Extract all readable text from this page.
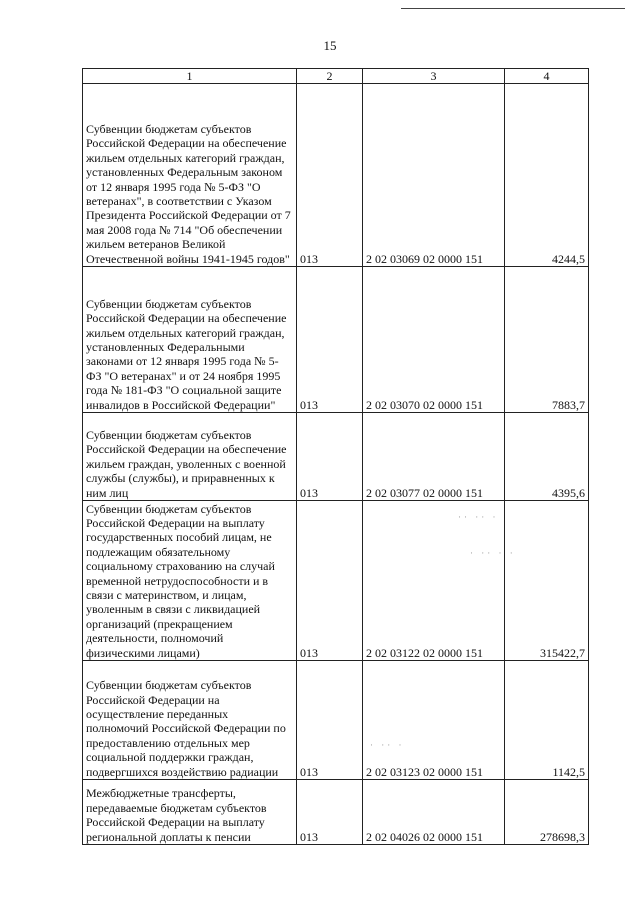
15
1	2	3	4
Субвенции бюджетам субъектов Российской Федерации на обеспечение жильем отдельных категорий граждан, установленных Федеральным законом от 12 января 1995 года № 5-ФЗ "О ветеранах", в соответствии с Указом Президента Российской Федерации от 7 мая 2008 года № 714 "Об обеспечении жильем ветеранов Великой Отечественной войны 1941-1945 годов"	013	2 02 03069 02 0000 151	4244,5
Субвенции бюджетам субъектов Российской Федерации на обеспечение жильем отдельных категорий граждан, установленных Федеральными законами от 12 января 1995 года № 5-ФЗ "О ветеранах" и от 24 ноября 1995 года № 181-ФЗ "О социальной защите инвалидов в Российской Федерации"	013	2 02 03070 02 0000 151	7883,7
Субвенции бюджетам субъектов Российской Федерации на обеспечение жильем граждан, уволенных с военной службы (службы), и приравненных к ним лиц	013	2 02 03077 02 0000 151	4395,6
Субвенции бюджетам субъектов Российской Федерации на выплату государственных пособий лицам, не подлежащим обязательному социальному страхованию на случай временной нетрудоспособности и в связи с материнством, и лицам, уволенным в связи с ликвидацией организаций (прекращением деятельности, полномочий физическими лицами)	013	2 02 03122 02 0000 151	315422,7
Субвенции бюджетам субъектов Российской Федерации на осуществление переданных полномочий Российской Федерации по предоставлению отдельных мер социальной поддержки граждан, подвергшихся воздействию радиации	013	2 02 03123 02 0000 151	1142,5
Межбюджетные трансферты, передаваемые бюджетам субъектов Российской Федерации на выплату региональной доплаты к пенсии	013	2 02 04026 02 0000 151	278698,3
·· ·· ·
· ·· · ·
· ·· ·
